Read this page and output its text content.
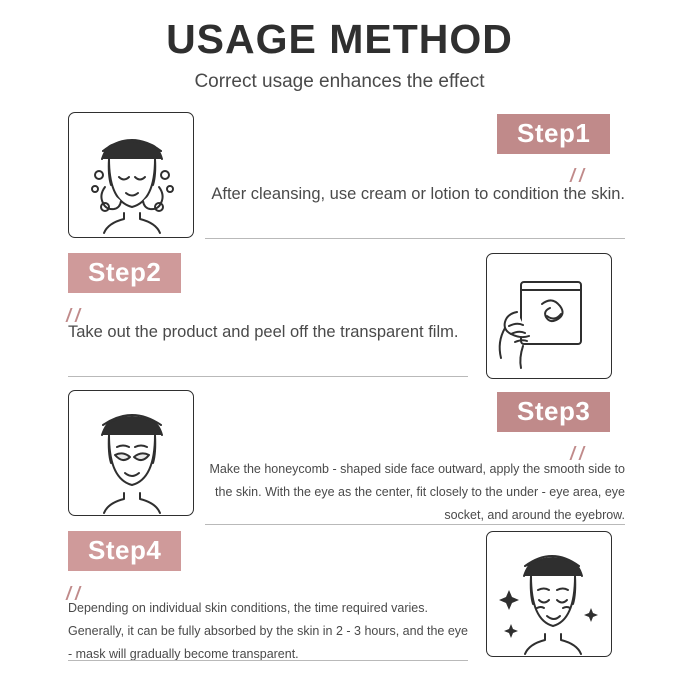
USAGE METHOD
Correct usage enhances the effect
Step1
After cleansing, use cream or lotion to condition the skin.
Step2
Take out the product and peel off the transparent film.
Step3
Make the honeycomb - shaped side face outward, apply the smooth side to the skin. With the eye as the center, fit closely to the under - eye area, eye socket, and around the eyebrow.
Step4
Depending on individual skin conditions, the time required varies. Generally, it can be fully absorbed by the skin in 2 - 3 hours, and the eye - mask will gradually become transparent.
